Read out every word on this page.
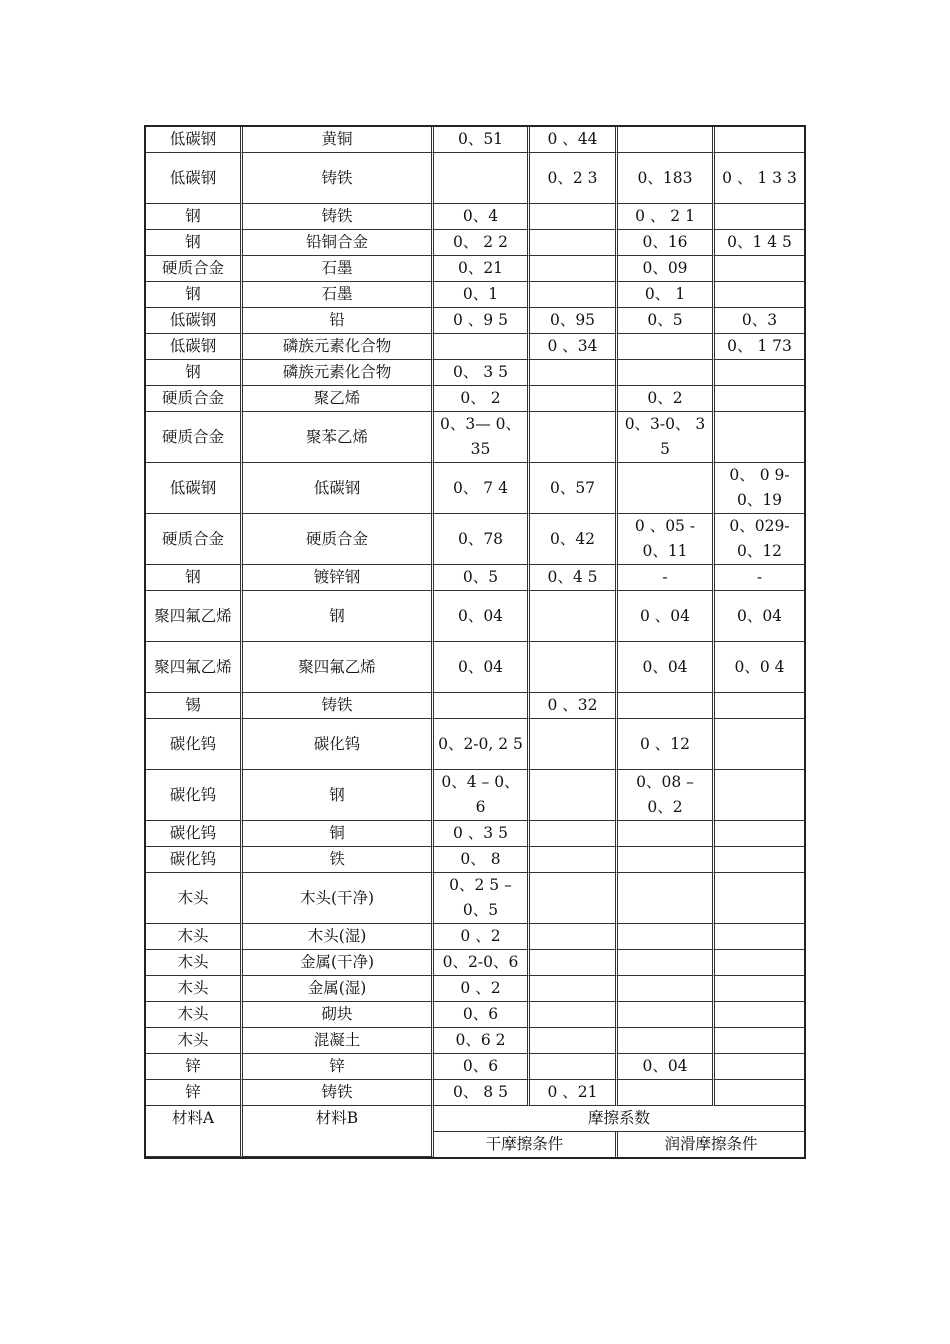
低碳钢	黄铜	0、51	0 、44		
低碳钢	铸铁		0、2 3	0、183	0 、 1 3 3
钢	铸铁	0、4		0 、 2 1	
钢	铅铜合金	0、 2 2		0、16	0、1 4 5
硬质合金	石墨	0、21		0、09	
钢	石墨	0、1		0、 1	
低碳钢	铅	0 、9 5	0、95	0、5	0、3
低碳钢	磷族元素化合物		0 、34		0、 1 73
钢	磷族元素化合物	0、 3 5			
硬质合金	聚乙烯	0、 2		0、2	
硬质合金	聚苯乙烯	0、3— 0、35		0、3-0、 3 5	
低碳钢	低碳钢	0、 7 4	0、57		0、 0 9- 0、19
硬质合金	硬质合金	0、78	0、42	0 、05 - 0、11	0、029- 0、12
钢	镀锌钢	0、5	0、4 5	-	-
聚四氟乙烯	钢	0、04		0 、04	0、04
聚四氟乙烯	聚四氟乙烯	0、04		0、04	0、0 4
锡	铸铁		0 、32		
碳化钨	碳化钨	0、2-0, 2 5		0 、12	
碳化钨	钢	0、4 – 0、6		0、08 – 0、2	
碳化钨	铜	0 、3 5			
碳化钨	铁	0、 8			
木头	木头(干净)	0、2 5 – 0、5			
木头	木头(湿)	0 、2			
木头	金属(干净)	0、2-0、6			
木头	金属(湿)	0 、2			
木头	砌块	0、6			
木头	混凝土	0、6 2			
锌	锌	0、6		0、04	
锌	铸铁	0、 8 5	0 、21		
材料A	材料B	摩擦系数			
		干摩擦条件		润滑摩擦条件	
